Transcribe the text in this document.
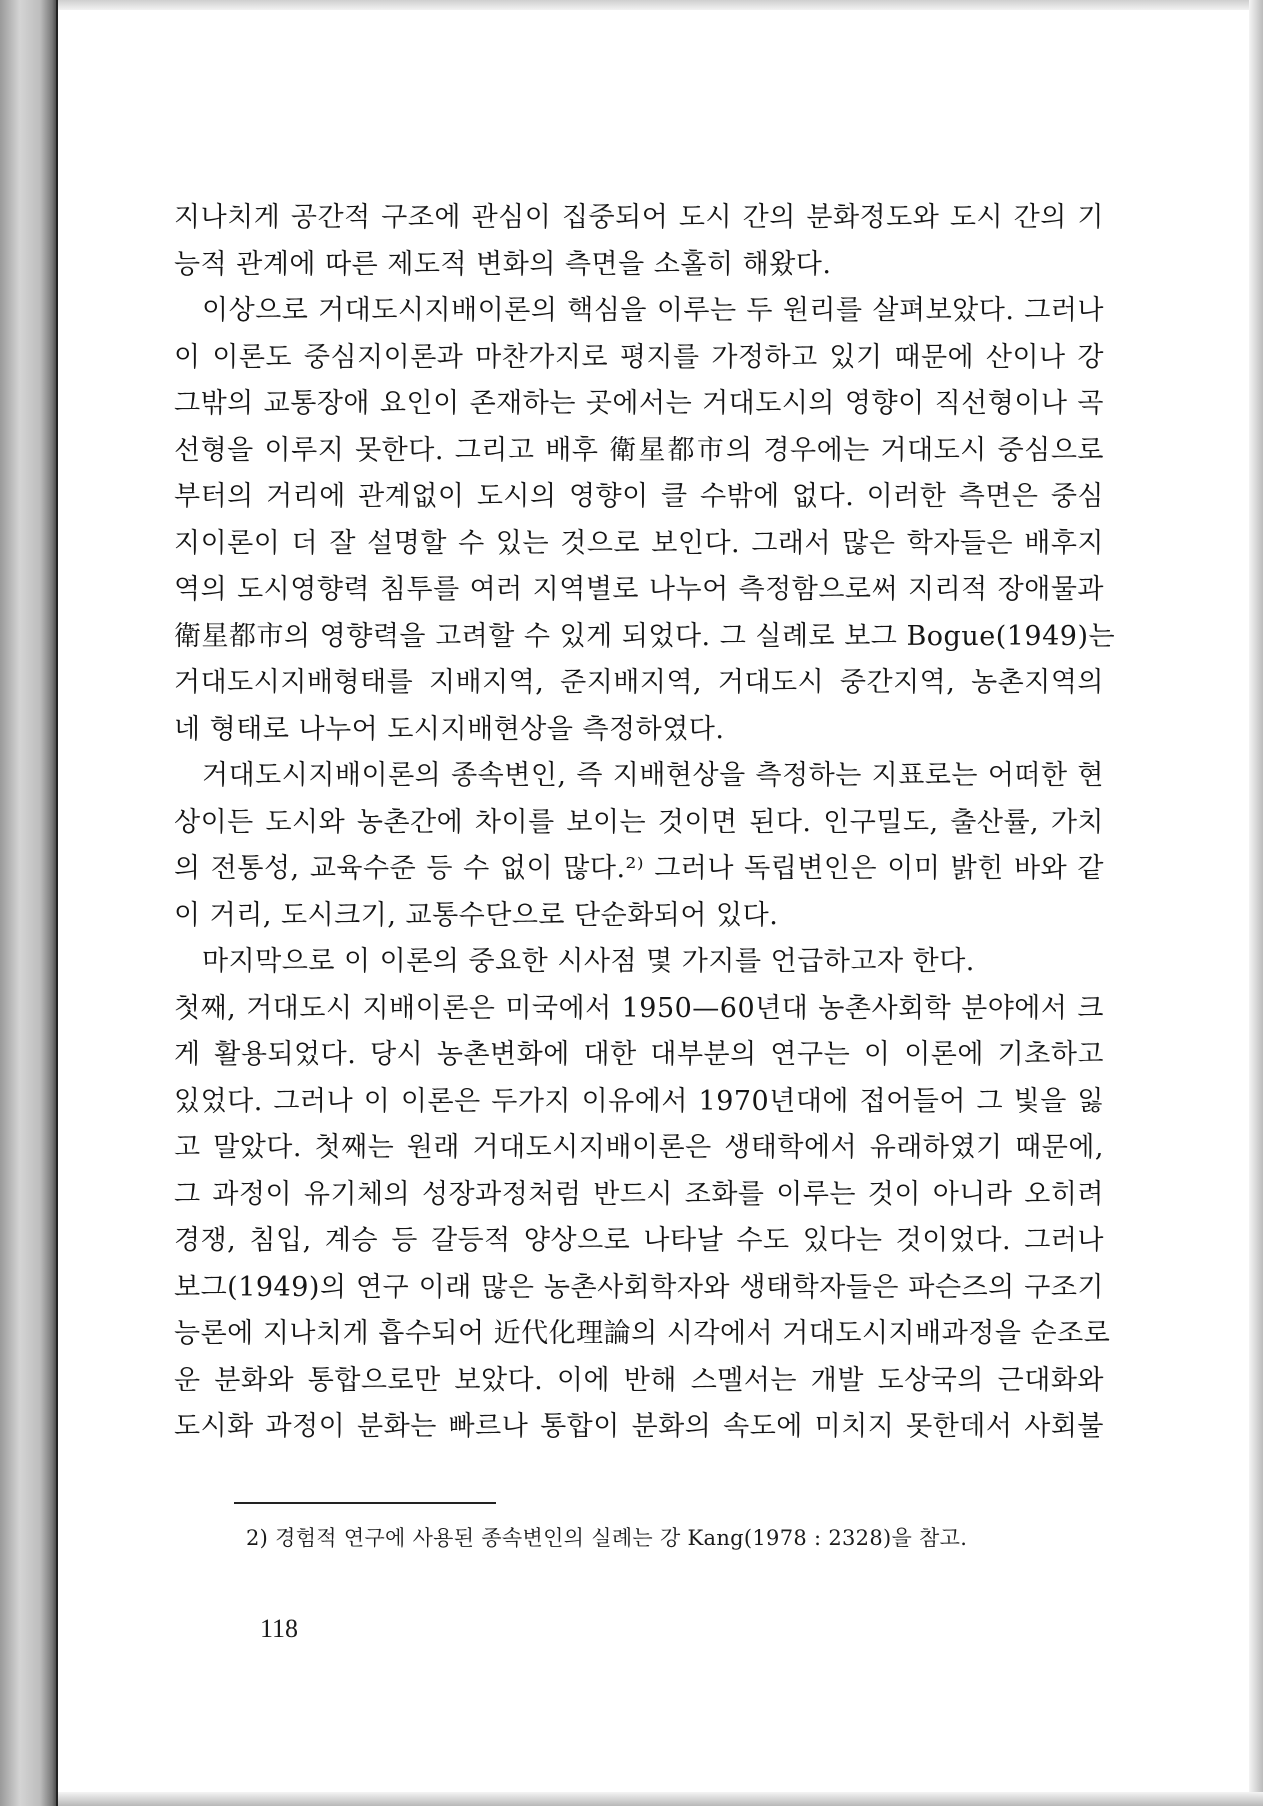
지나치게 공간적 구조에 관심이 집중되어 도시 간의 분화정도와 도시 간의 기
능적 관계에 따른 제도적 변화의 측면을 소홀히 해왔다.
이상으로 거대도시지배이론의 핵심을 이루는 두 원리를 살펴보았다. 그러나
이 이론도 중심지이론과 마찬가지로 평지를 가정하고 있기 때문에 산이나 강
그밖의 교통장애 요인이 존재하는 곳에서는 거대도시의 영향이 직선형이나 곡
선형을 이루지 못한다. 그리고 배후 衛星都市의 경우에는 거대도시 중심으로
부터의 거리에 관계없이 도시의 영향이 클 수밖에 없다. 이러한 측면은 중심
지이론이 더 잘 설명할 수 있는 것으로 보인다. 그래서 많은 학자들은 배후지
역의 도시영향력 침투를 여러 지역별로 나누어 측정함으로써 지리적 장애물과
衛星都市의 영향력을 고려할 수 있게 되었다. 그 실례로 보그 Bogue(1949)는
거대도시지배형태를 지배지역, 준지배지역, 거대도시 중간지역, 농촌지역의
네 형태로 나누어 도시지배현상을 측정하였다.
거대도시지배이론의 종속변인, 즉 지배현상을 측정하는 지표로는 어떠한 현
상이든 도시와 농촌간에 차이를 보이는 것이면 된다. 인구밀도, 출산률, 가치
의 전통성, 교육수준 등 수 없이 많다.²⁾ 그러나 독립변인은 이미 밝힌 바와 같
이 거리, 도시크기, 교통수단으로 단순화되어 있다.
마지막으로 이 이론의 중요한 시사점 몇 가지를 언급하고자 한다.
첫째, 거대도시 지배이론은 미국에서 1950—60년대 농촌사회학 분야에서 크
게 활용되었다. 당시 농촌변화에 대한 대부분의 연구는 이 이론에 기초하고
있었다. 그러나 이 이론은 두가지 이유에서 1970년대에 접어들어 그 빛을 잃
고 말았다. 첫째는 원래 거대도시지배이론은 생태학에서 유래하였기 때문에,
그 과정이 유기체의 성장과정처럼 반드시 조화를 이루는 것이 아니라 오히려
경쟁, 침입, 계승 등 갈등적 양상으로 나타날 수도 있다는 것이었다. 그러나
보그(1949)의 연구 이래 많은 농촌사회학자와 생태학자들은 파슨즈의 구조기
능론에 지나치게 흡수되어 近代化理論의 시각에서 거대도시지배과정을 순조로
운 분화와 통합으로만 보았다. 이에 반해 스멜서는 개발 도상국의 근대화와
도시화 과정이 분화는 빠르나 통합이 분화의 속도에 미치지 못한데서 사회불
2) 경험적 연구에 사용된 종속변인의 실례는 강 Kang(1978 : 2328)을 참고.
118
